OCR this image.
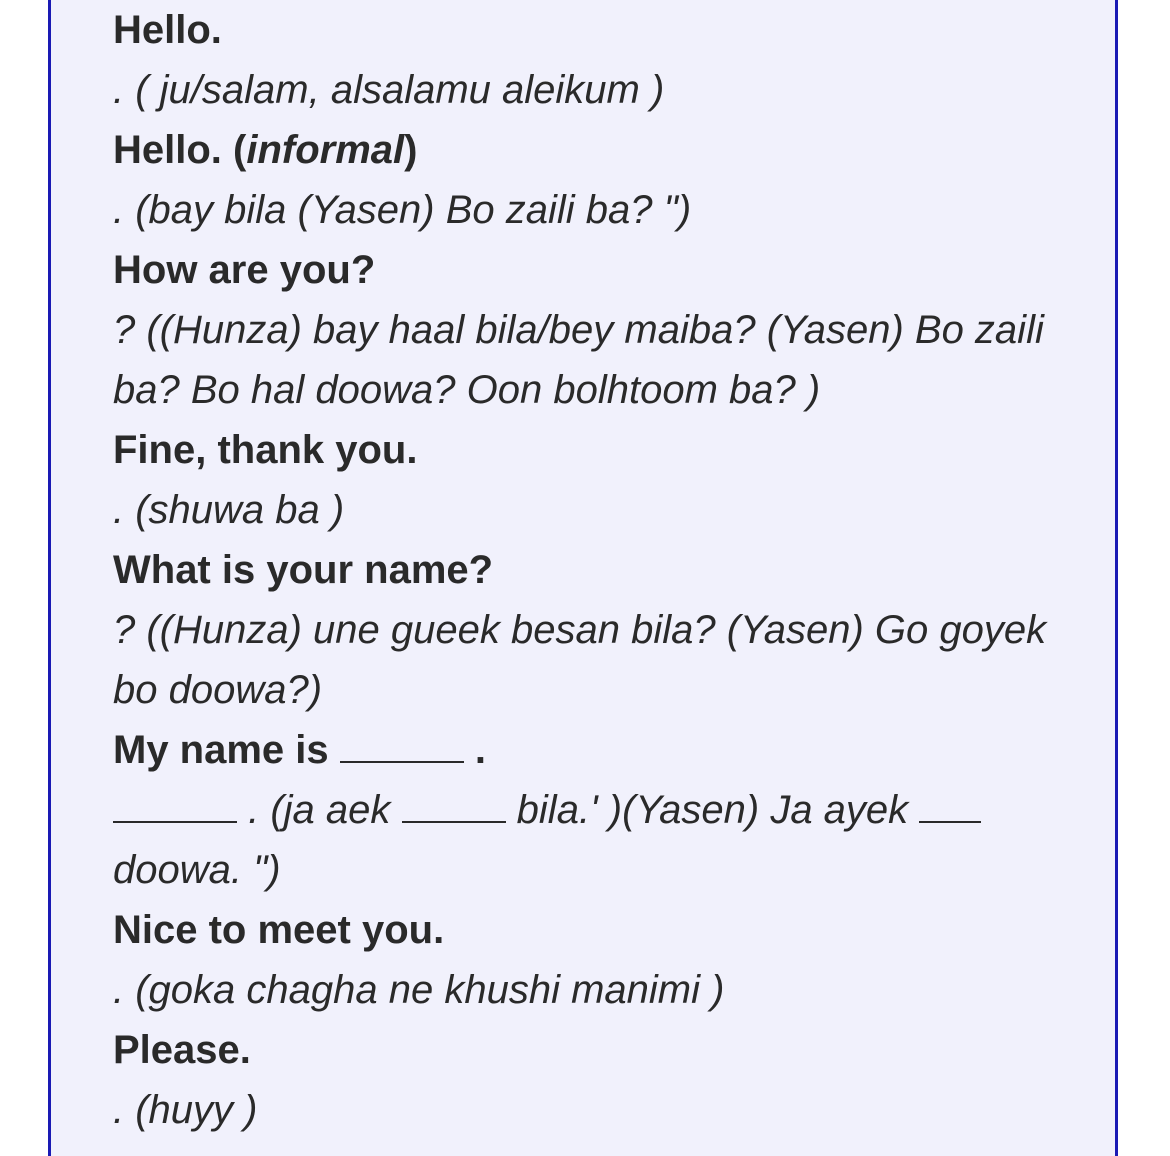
Hello.

. ( ju/salam, alsalamu aleikum )

Hello. (informal)

. (bay bila (Yasen) Bo zaili ba? ")

How are you?

? ((Hunza) bay haal bila/bey maiba? (Yasen) Bo zaili ba? Bo hal doowa? Oon bolhtoom ba? )

Fine, thank you.

. (shuwa ba )

What is your name?

? ((Hunza) une gueek besan bila? (Yasen) Go goyek bo doowa?)

My name is	.

. (ja aek	bila.' )(Yasen) Ja ayek
doowa. ")

Nice to meet you.

. (goka chagha ne khushi manimi )

Please.

. (huyy )
